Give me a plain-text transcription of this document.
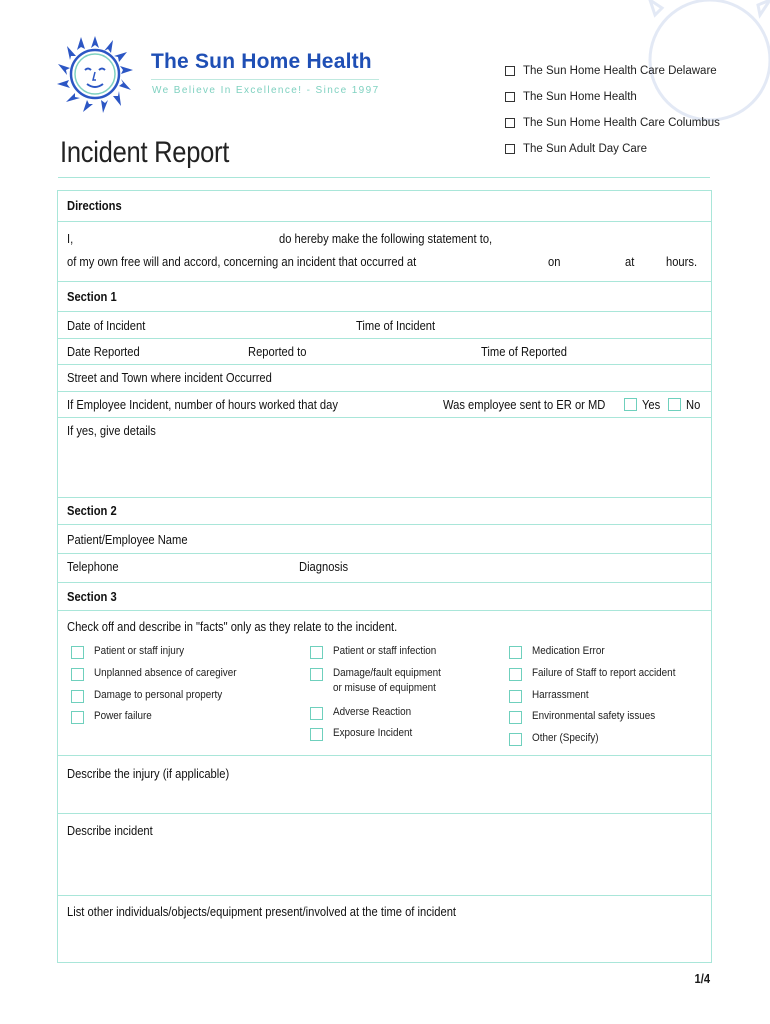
The Sun Home Health
We Believe In Excellence! - Since 1997
The Sun Home Health Care Delaware
The Sun Home Health
The Sun Home Health Care Columbus
The Sun Adult Day Care
Incident Report
Directions
I,	do hereby make the following statement to,
of my own free will and accord, concerning an incident that occurred at	on	at hours.
Section 1
Date of Incident	Time of Incident
Date Reported	Reported to	Time of Reported
Street and Town where incident Occurred
If Employee Incident, number of hours worked that day	Was employee sent to ER or MD	Yes No
If yes, give details
Section 2
Patient/Employee Name
Telephone	Diagnosis
Section 3
Check off and describe in "facts" only as they relate to the incident.
Patient or staff injury
Unplanned absence of caregiver
Damage to personal property
Power failure
Patient or staff infection
Damage/fault equipment
or misuse of equipment
Adverse Reaction
Exposure Incident
Medication Error
Failure of Staff to report accident
Harrassment
Environmental safety issues
Other (Specify)
Describe the injury (if applicable)
Describe incident
List other individuals/objects/equipment present/involved at the time of incident
1/4
